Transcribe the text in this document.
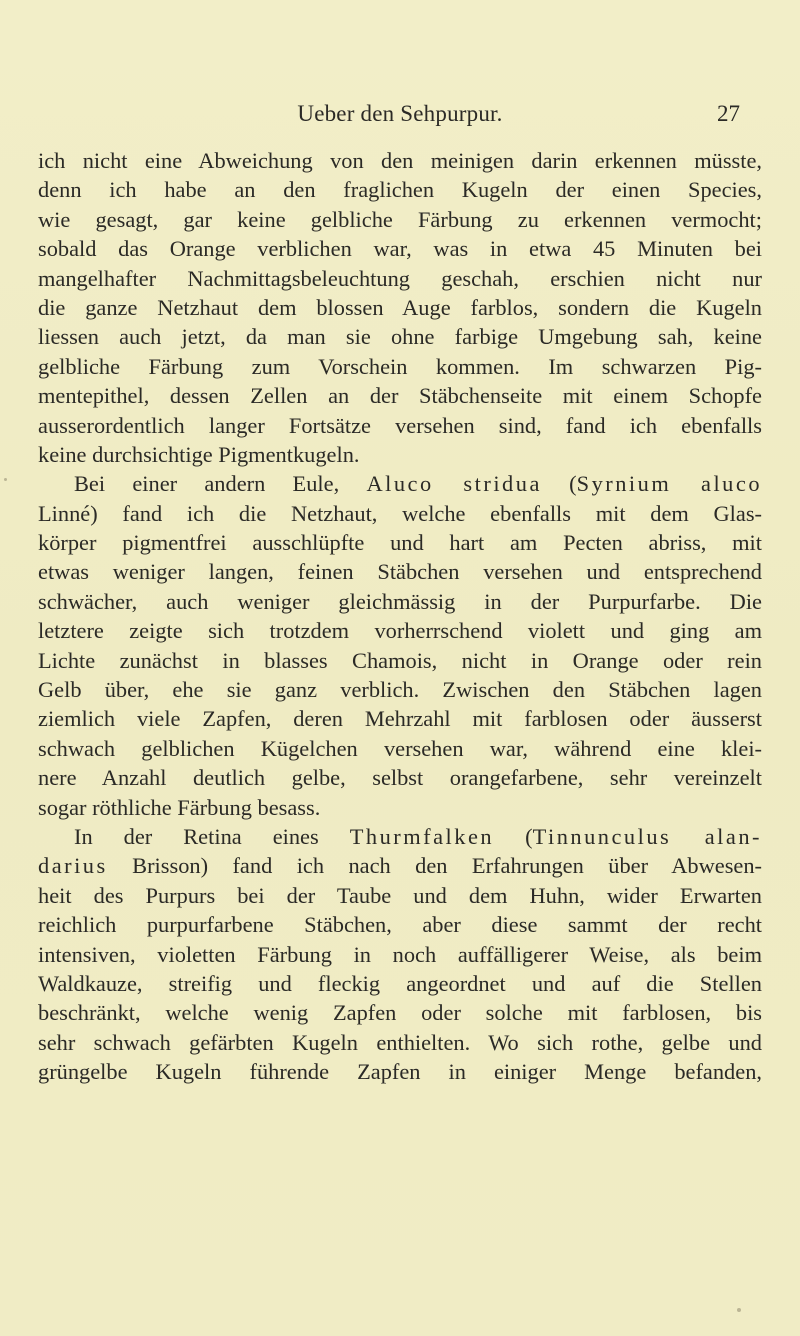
Ueber den Sehpurpur.	27
ich nicht eine Abweichung von den meinigen darin erkennen müsste,
denn ich habe an den fraglichen Kugeln der einen Species,
wie gesagt, gar keine gelbliche Färbung zu erkennen vermocht;
sobald das Orange verblichen war, was in etwa 45 Minuten bei
mangelhafter Nachmittagsbeleuchtung geschah, erschien nicht nur
die ganze Netzhaut dem blossen Auge farblos, sondern die Kugeln
liessen auch jetzt, da man sie ohne farbige Umgebung sah, keine
gelbliche Färbung zum Vorschein kommen. Im schwarzen Pig-
mentepithel, dessen Zellen an der Stäbchenseite mit einem Schopfe
ausserordentlich langer Fortsätze versehen sind, fand ich ebenfalls
keine durchsichtige Pigmentkugeln.
Bei einer andern Eule, Aluco stridua (Syrnium aluco
Linné) fand ich die Netzhaut, welche ebenfalls mit dem Glas-
körper pigmentfrei ausschlüpfte und hart am Pecten abriss, mit
etwas weniger langen, feinen Stäbchen versehen und entsprechend
schwächer, auch weniger gleichmässig in der Purpurfarbe. Die
letztere zeigte sich trotzdem vorherrschend violett und ging am
Lichte zunächst in blasses Chamois, nicht in Orange oder rein
Gelb über, ehe sie ganz verblich. Zwischen den Stäbchen lagen
ziemlich viele Zapfen, deren Mehrzahl mit farblosen oder äusserst
schwach gelblichen Kügelchen versehen war, während eine klei-
nere Anzahl deutlich gelbe, selbst orangefarbene, sehr vereinzelt
sogar röthliche Färbung besass.
In der Retina eines Thurmfalken (Tinnunculus alan-
darius Brisson) fand ich nach den Erfahrungen über Abwesen-
heit des Purpurs bei der Taube und dem Huhn, wider Erwarten
reichlich purpurfarbene Stäbchen, aber diese sammt der recht
intensiven, violetten Färbung in noch auffälligerer Weise, als beim
Waldkauze, streifig und fleckig angeordnet und auf die Stellen
beschränkt, welche wenig Zapfen oder solche mit farblosen, bis
sehr schwach gefärbten Kugeln enthielten. Wo sich rothe, gelbe und
grüngelbe Kugeln führende Zapfen in einiger Menge befanden,
